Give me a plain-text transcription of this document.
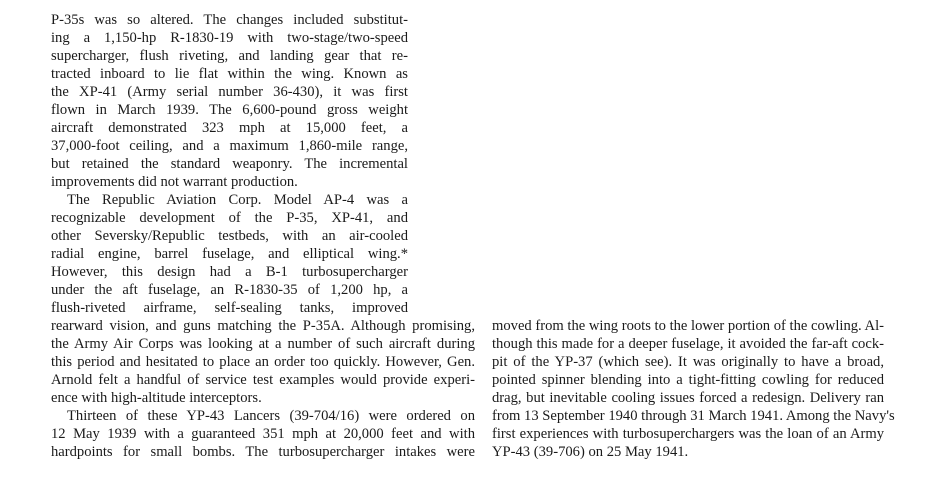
P-35s was so altered. The changes included substitut-
ing a 1,150-hp R-1830-19 with two-stage/two-speed
supercharger, flush riveting, and landing gear that re-
tracted inboard to lie flat within the wing. Known as
the XP-41 (Army serial number 36-430), it was first
flown in March 1939. The 6,600-pound gross weight
aircraft demonstrated 323 mph at 15,000 feet, a
37,000-foot ceiling, and a maximum 1,860-mile range,
but retained the standard weaponry. The incremental
improvements did not warrant production.
The Republic Aviation Corp. Model AP-4 was a
recognizable development of the P-35, XP-41, and
other Seversky/Republic testbeds, with an air-cooled
radial engine, barrel fuselage, and elliptical wing.*
However, this design had a B-1 turbosupercharger
under the aft fuselage, an R-1830-35 of 1,200 hp, a
flush-riveted airframe, self-sealing tanks, improved
rearward vision, and guns matching the P-35A. Although promising,
the Army Air Corps was looking at a number of such aircraft during
this period and hesitated to place an order too quickly. However, Gen.
Arnold felt a handful of service test examples would provide experi-
ence with high-altitude interceptors.
Thirteen of these YP-43 Lancers (39-704/16) were ordered on
12 May 1939 with a guaranteed 351 mph at 20,000 feet and with
hardpoints for small bombs. The turbosupercharger intakes were
moved from the wing roots to the lower portion of the cowling. Al-
though this made for a deeper fuselage, it avoided the far-aft cock-
pit of the YP-37 (which see). It was originally to have a broad,
pointed spinner blending into a tight-fitting cowling for reduced
drag, but inevitable cooling issues forced a redesign. Delivery ran
from 13 September 1940 through 31 March 1941. Among the Navy's
first experiences with turbosuperchargers was the loan of an Army
YP-43 (39-706) on 25 May 1941.
